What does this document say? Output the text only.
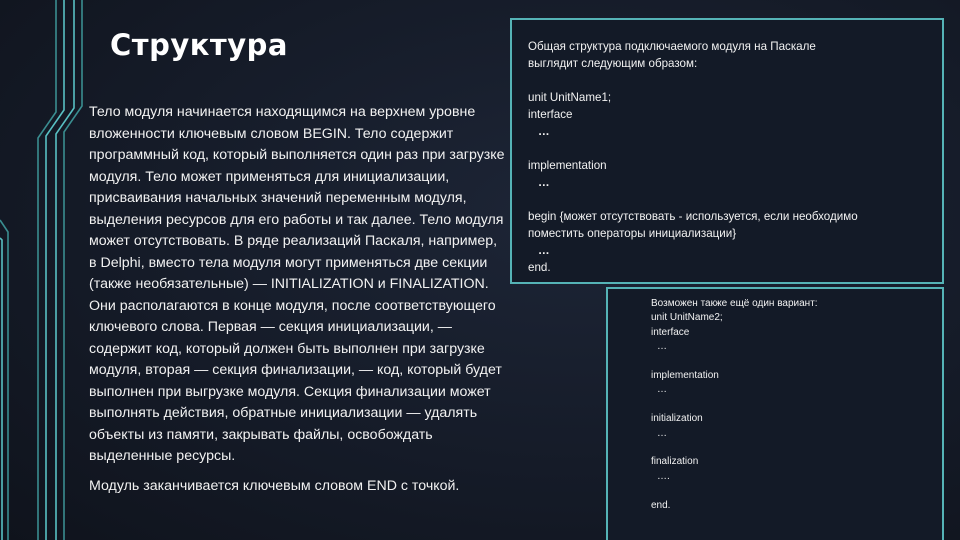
Структура

Тело модуля начинается находящимся на верхнем уровне вложенности ключевым словом BEGIN. Тело содержит программный код, который выполняется один раз при загрузке модуля. Тело может применяться для инициализации, присваивания начальных значений переменным модуля, выделения ресурсов для его работы и так далее. Тело модуля может отсутствовать. В ряде реализаций Паскаля, например, в Delphi, вместо тела модуля могут применяться две секции (также необязательные) — INITIALIZATION и FINALIZATION. Они располагаются в конце модуля, после соответствующего ключевого слова. Первая — секция инициализации, — содержит код, который должен быть выполнен при загрузке модуля, вторая — секция финализации, — код, который будет выполнен при выгрузке модуля. Секция финализации может выполнять действия, обратные инициализации — удалять объекты из памяти, закрывать файлы, освобождать выделенные ресурсы.

Модуль заканчивается ключевым словом END с точкой.

Общая структура подключаемого модуля на Паскале
выглядит следующим образом:

unit UnitName1;
interface
…

implementation
…

begin {может отсутствовать - используется, если необходимо
поместить операторы инициализации}
…
end.
Возможен также ещё один вариант:
unit UnitName2;
interface
…

implementation
…

initialization
…

finalization
….

end.
